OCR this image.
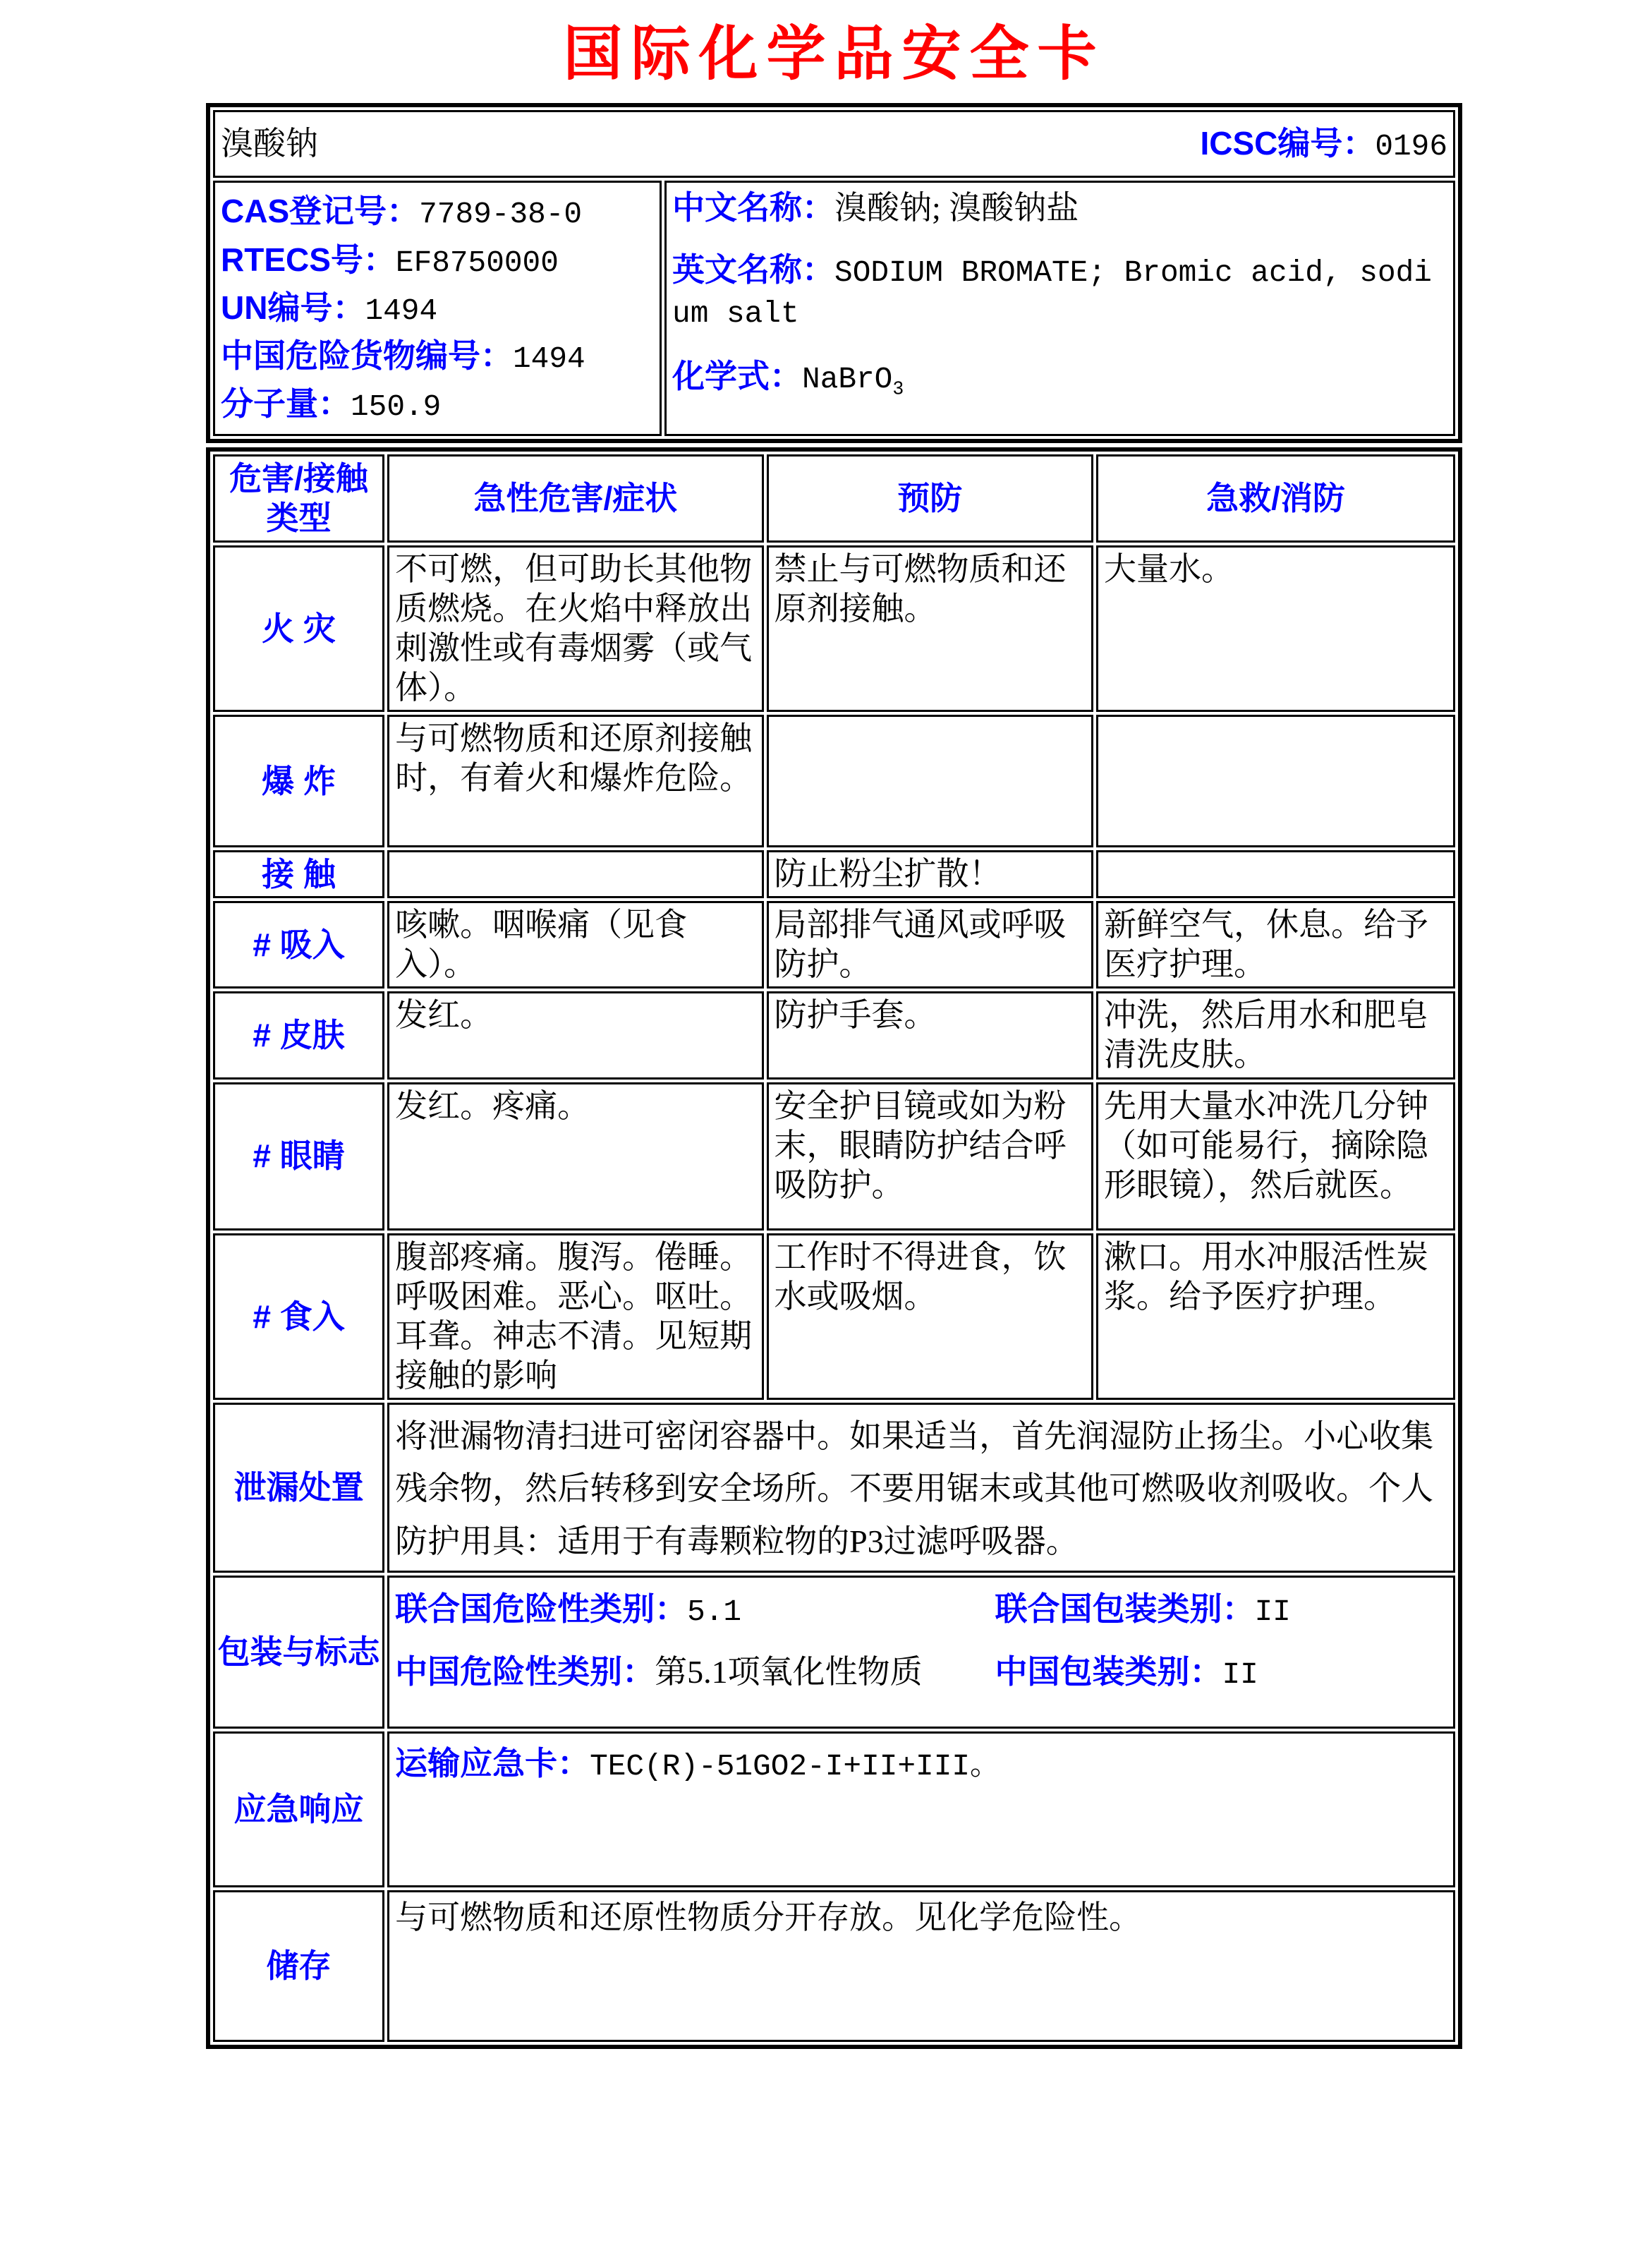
国际化学品安全卡
溴酸钠	ICSC编号：0196

CAS登记号：7789-38-0
RTECS号：EF8750000
UN编号：1494
中国危险货物编号：1494
分子量：150.9

中文名称：溴酸钠; 溴酸钠盐
英文名称：SODIUM BROMATE; Bromic acid, sodium salt
化学式：NaBrO$_3$
危害/接触
类型	急性危害/症状	预防	急救/消防
火 灾	不可燃，但可助长其他物质燃烧。在火焰中释放出刺激性或有毒烟雾（或气体）。	禁止与可燃物质和还原剂接触。	大量水。
爆 炸	与可燃物质和还原剂接触时，有着火和爆炸危险。		
接 触		防止粉尘扩散！	
# 吸入	咳嗽。咽喉痛（见食入）。	局部排气通风或呼吸防护。	新鲜空气，休息。给予医疗护理。
# 皮肤	发红。	防护手套。	冲洗，然后用水和肥皂清洗皮肤。
# 眼睛	发红。疼痛。	安全护目镜或如为粉末，眼睛防护结合呼吸防护。	先用大量水冲洗几分钟（如可能易行，摘除隐形眼镜），然后就医。
# 食入	腹部疼痛。腹泻。倦睡。呼吸困难。恶心。呕吐。耳聋。神志不清。见短期接触的影响	工作时不得进食，饮水或吸烟。	漱口。用水冲服活性炭浆。给予医疗护理。
泄漏处置	将泄漏物清扫进可密闭容器中。如果适当，首先润湿防止扬尘。小心收集残余物，然后转移到安全场所。不要用锯末或其他可燃吸收剂吸收。个人防护用具：适用于有毒颗粒物的P3过滤呼吸器。		
包装与标志	联合国危险性类别：5.1 联合国包装类别：II
中国危险性类别：第5.1项氧化性物质 中国包装类别：II		

应急响应	运输应急卡：TEC(R)-51GO2-I+II+III。		
储存	与可燃物质和还原性物质分开存放。见化学危险性。		
